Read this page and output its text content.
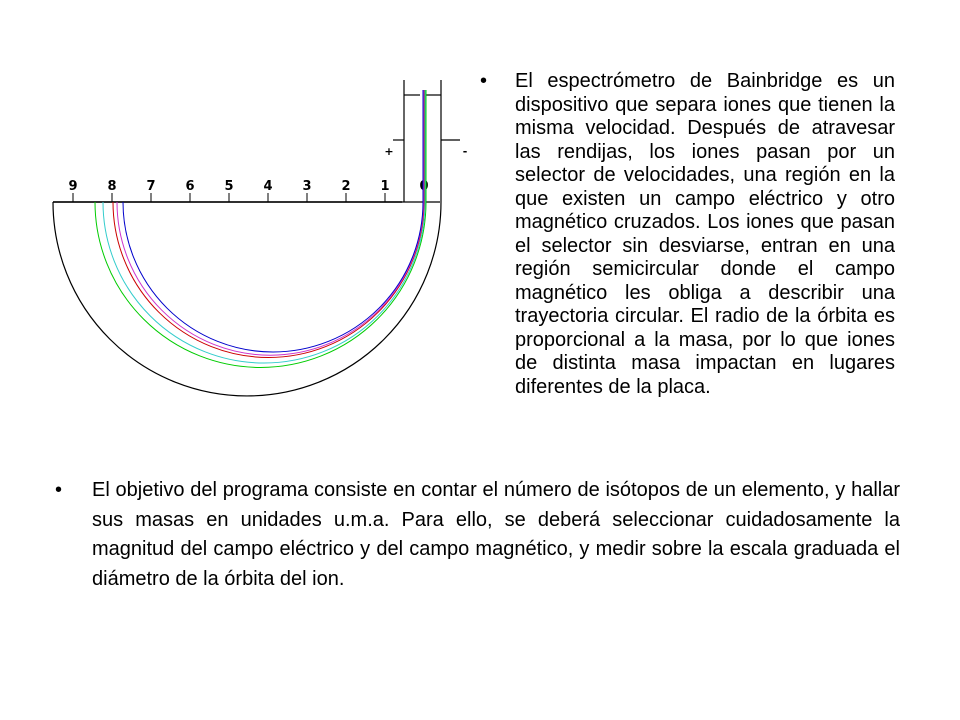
9 8 7 6 5 4 3 2 1 0
+	-
• El espectrómetro de Bainbridge es un dispositivo que separa iones que tienen la misma velocidad. Después de atravesar las rendijas, los iones pasan por un selector de velocidades, una región en la que existen un campo eléctrico y otro magnético cruzados. Los iones que pasan el selector sin desviarse, entran en una región semicircular donde el campo magnético les obliga a describir una trayectoria circular. El radio de la órbita es proporcional a la masa, por lo que iones de distinta masa impactan en lugares diferentes de la placa.

• El objetivo del programa consiste en contar el número de isótopos de un elemento, y hallar sus masas en unidades u.m.a. Para ello, se deberá seleccionar cuidadosamente la magnitud del campo eléctrico y del campo magnético, y medir sobre la escala graduada el diámetro de la órbita del ion.
